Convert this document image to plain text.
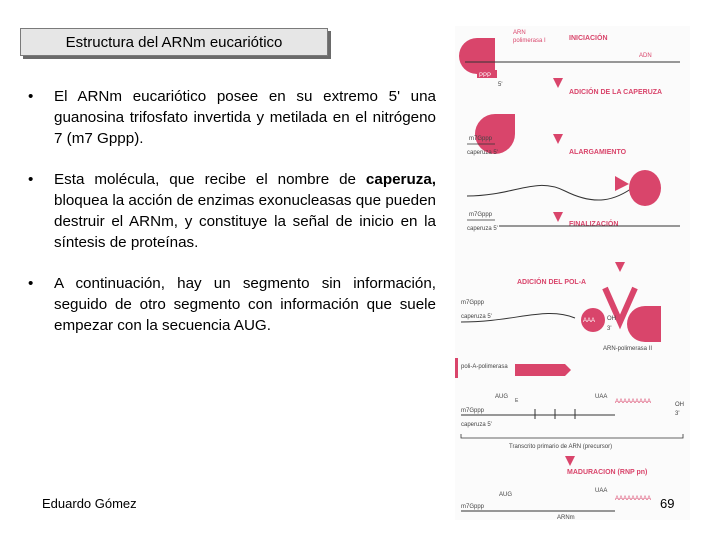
Estructura del ARNm eucariótico
• El ARNm eucariótico posee en su extremo 5' una guanosina trifosfato invertida y metilada en el nitrógeno 7 (m7 Gppp).

• Esta molécula, que recibe el nombre de caperuza, bloquea la acción de enzimas exonucleasas que pueden destruir el ARNm, y constituye la señal de inicio en la síntesis de proteínas.

• A continuación, hay un segmento sin información, seguido de otro segmento con información que suele empezar con la secuencia AUG.

ARN
polimerasa I	INICIACIÓN
ADN
PPP
5'
ADICIÓN DE LA CAPERUZA
m7Gppp
caperuza 5'	ALARGAMIENTO
m7Gppp
caperuza 5'
FINALIZACIÓN
ADICIÓN DEL POL-A
m7Gppp
caperuza 5'
AAA OH
3'
ARN-polimerasa II
poli-A-polimerasa
AUG
E
UAA
m7Gppp
AAAAAAAAA	OH
3'
caperuza 5'
Transcrito primario de ARN (precursor)
MADURACION (RNP pn)
AUG
UAA
m7Gppp
AAAAAAAAA
ARNm
Eduardo Gómez	69
